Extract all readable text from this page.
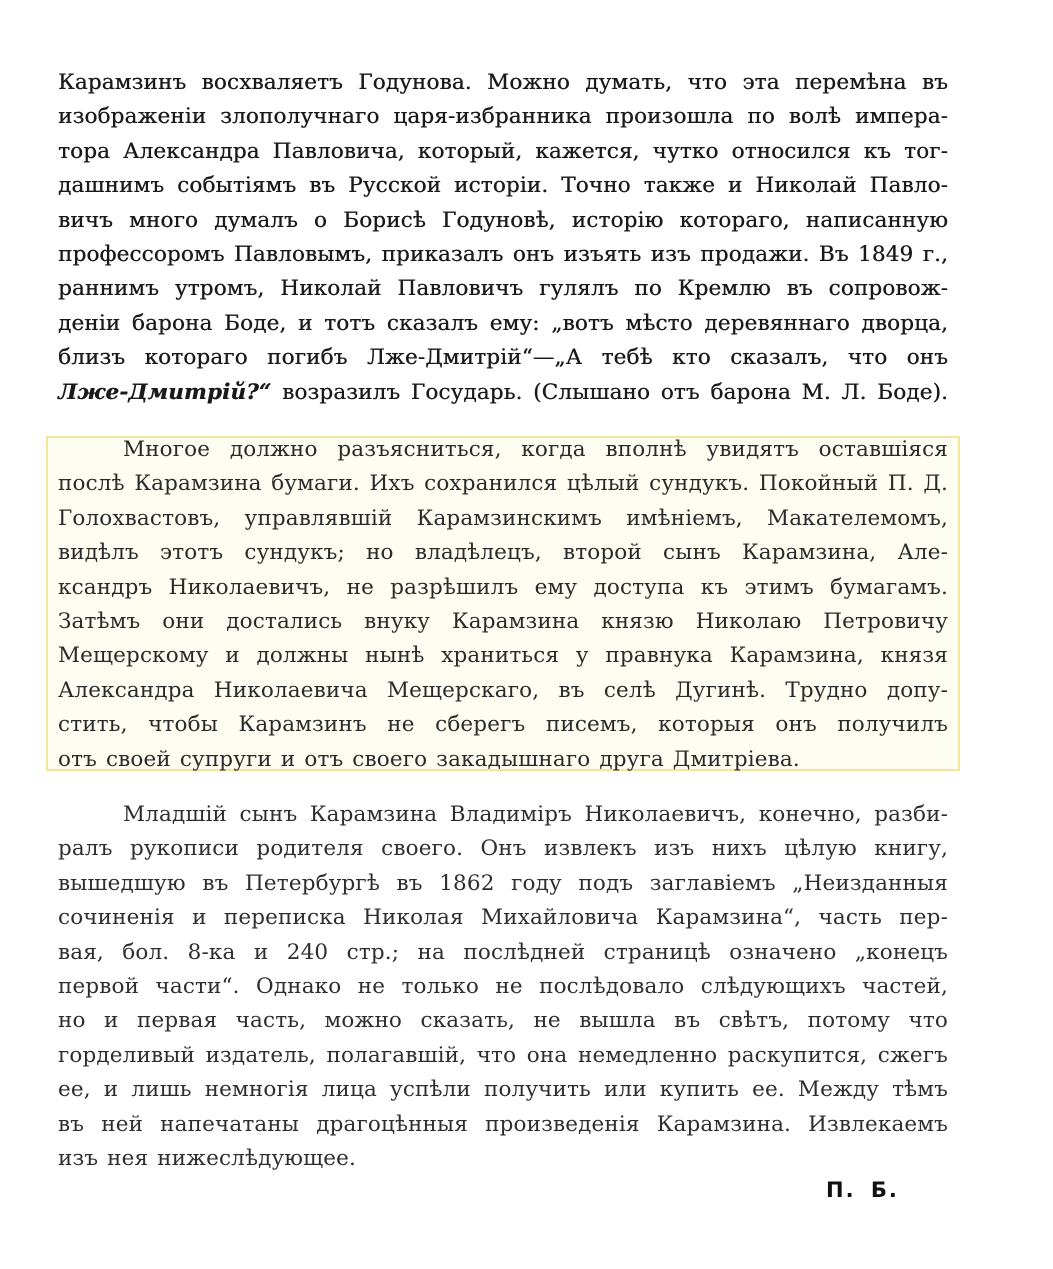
Карамзинъ восхваляетъ Годунова. Можно думать, что эта перемѣна въ
изображеніи злополучнаго царя-избранника произошла по волѣ импера-
тора Александра Павловича, который, кажется, чутко относился къ тог-
дашнимъ событіямъ въ Русской исторіи. Точно также и Николай Павло-
вичъ много думалъ о Борисѣ Годуновѣ, исторію котораго, написанную
профессоромъ Павловымъ, приказалъ онъ изъять изъ продажи. Въ 1849 г.,
раннимъ утромъ, Николай Павловичъ гулялъ по Кремлю въ сопровож-
деніи барона Боде, и тотъ сказалъ ему: „вотъ мѣсто деревяннаго дворца,
близъ котораго погибъ Лже-Дмитрій“—„А тебѣ кто сказалъ, что онъ
Лже-Дмитрій?“ возразилъ Государь. (Слышано отъ барона М. Л. Боде).
Многое должно разъясниться, когда вполнѣ увидятъ оставшіяся
послѣ Карамзина бумаги. Ихъ сохранился цѣлый сундукъ. Покойный П. Д.
Голохвастовъ, управлявшій Карамзинскимъ имѣніемъ, Макателемомъ,
видѣлъ этотъ сундукъ; но владѣлецъ, второй сынъ Карамзина, Але-
ксандръ Николаевичъ, не разрѣшилъ ему доступа къ этимъ бумагамъ.
Затѣмъ они достались внуку Карамзина князю Николаю Петровичу
Мещерскому и должны нынѣ храниться у правнука Карамзина, князя
Александра Николаевича Мещерскаго, въ селѣ Дугинѣ. Трудно допу-
стить, чтобы Карамзинъ не сберегъ писемъ, которыя онъ получилъ
отъ своей супруги и отъ своего закадышнаго друга Дмитріева.
Младшій сынъ Карамзина Владиміръ Николаевичъ, конечно, разби-
ралъ рукописи родителя своего. Онъ извлекъ изъ нихъ цѣлую книгу,
вышедшую въ Петербургѣ въ 1862 году подъ заглавіемъ „Неизданныя
сочиненія и переписка Николая Михайловича Карамзина“, часть пер-
вая, бол. 8-ка и 240 стр.; на послѣдней страницѣ означено „конецъ
первой части“. Однако не только не послѣдовало слѣдующихъ частей,
но и первая часть, можно сказать, не вышла въ свѣтъ, потому что
горделивый издатель, полагавшій, что она немедленно раскупится, сжегъ
ее, и лишь немногія лица успѣли получить или купить ее. Между тѣмъ
въ ней напечатаны драгоцѣнныя произведенія Карамзина. Извлекаемъ
изъ нея нижеслѣдующее.
П. Б.
